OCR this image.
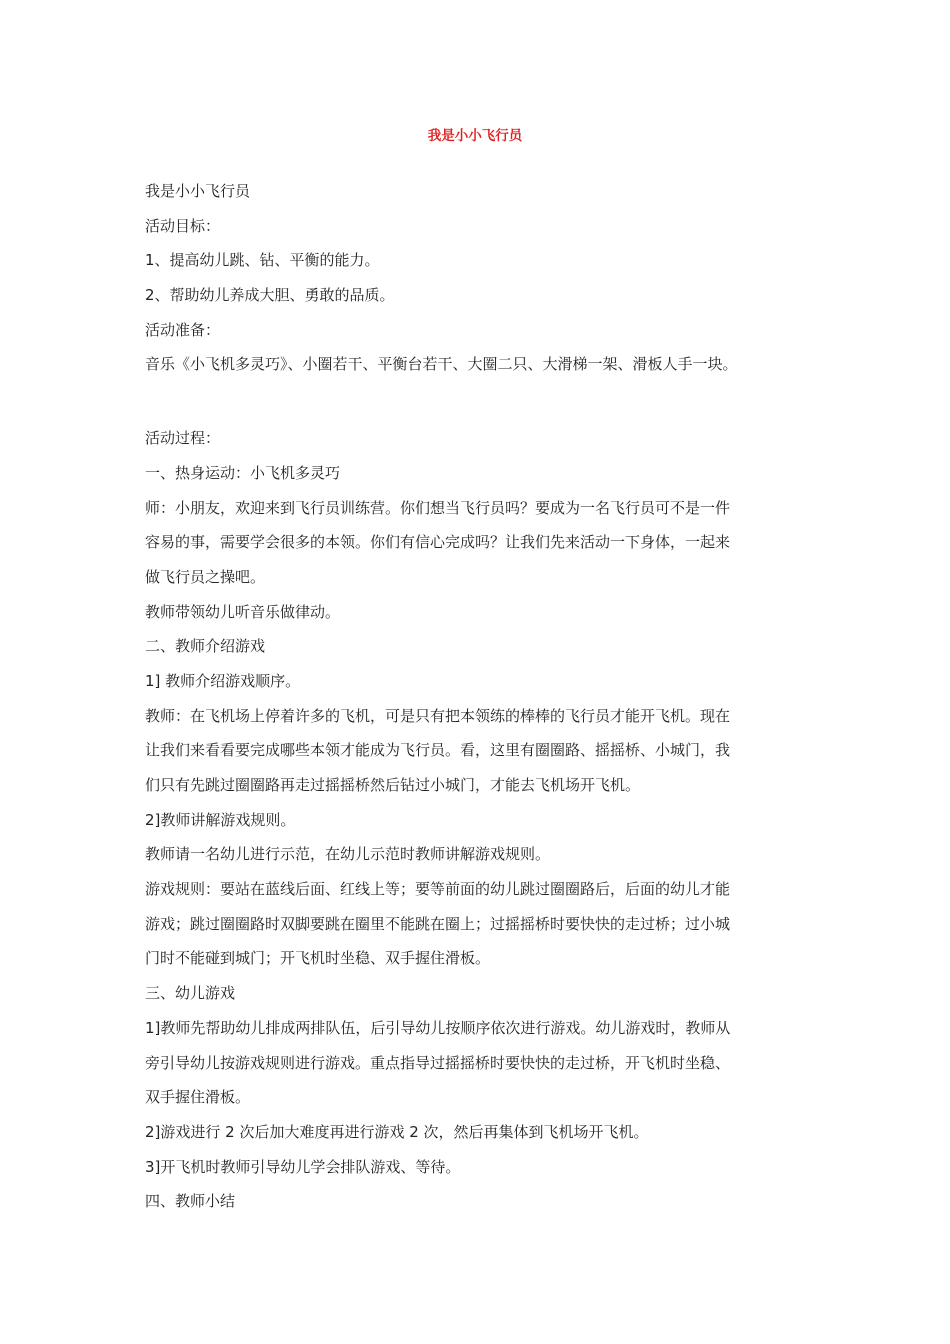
我是小小飞行员

我是小小飞行员

活动目标：

1、提高幼儿跳、钻、平衡的能力。

2、帮助幼儿养成大胆、勇敢的品质。

活动准备：

音乐《小飞机多灵巧》、小圈若干、平衡台若干、大圈二只、大滑梯一架、滑板人手一块。

活动过程：

一、热身运动：小飞机多灵巧

师：小朋友，欢迎来到飞行员训练营。你们想当飞行员吗？要成为一名飞行员可不是一件

容易的事，需要学会很多的本领。你们有信心完成吗？让我们先来活动一下身体，一起来

做飞行员之操吧。

教师带领幼儿听音乐做律动。

二、教师介绍游戏

1] 教师介绍游戏顺序。

教师：在飞机场上停着许多的飞机，可是只有把本领练的棒棒的飞行员才能开飞机。现在

让我们来看看要完成哪些本领才能成为飞行员。看，这里有圈圈路、摇摇桥、小城门，我

们只有先跳过圈圈路再走过摇摇桥然后钻过小城门，才能去飞机场开飞机。

2]教师讲解游戏规则。

教师请一名幼儿进行示范，在幼儿示范时教师讲解游戏规则。

游戏规则：要站在蓝线后面、红线上等；要等前面的幼儿跳过圈圈路后，后面的幼儿才能

游戏；跳过圈圈路时双脚要跳在圈里不能跳在圈上；过摇摇桥时要快快的走过桥；过小城

门时不能碰到城门；开飞机时坐稳、双手握住滑板。

三、幼儿游戏

1]教师先帮助幼儿排成两排队伍，后引导幼儿按顺序依次进行游戏。幼儿游戏时，教师从

旁引导幼儿按游戏规则进行游戏。重点指导过摇摇桥时要快快的走过桥，开飞机时坐稳、

双手握住滑板。

2]游戏进行 2 次后加大难度再进行游戏 2 次，然后再集体到飞机场开飞机。

3]开飞机时教师引导幼儿学会排队游戏、等待。

四、教师小结
